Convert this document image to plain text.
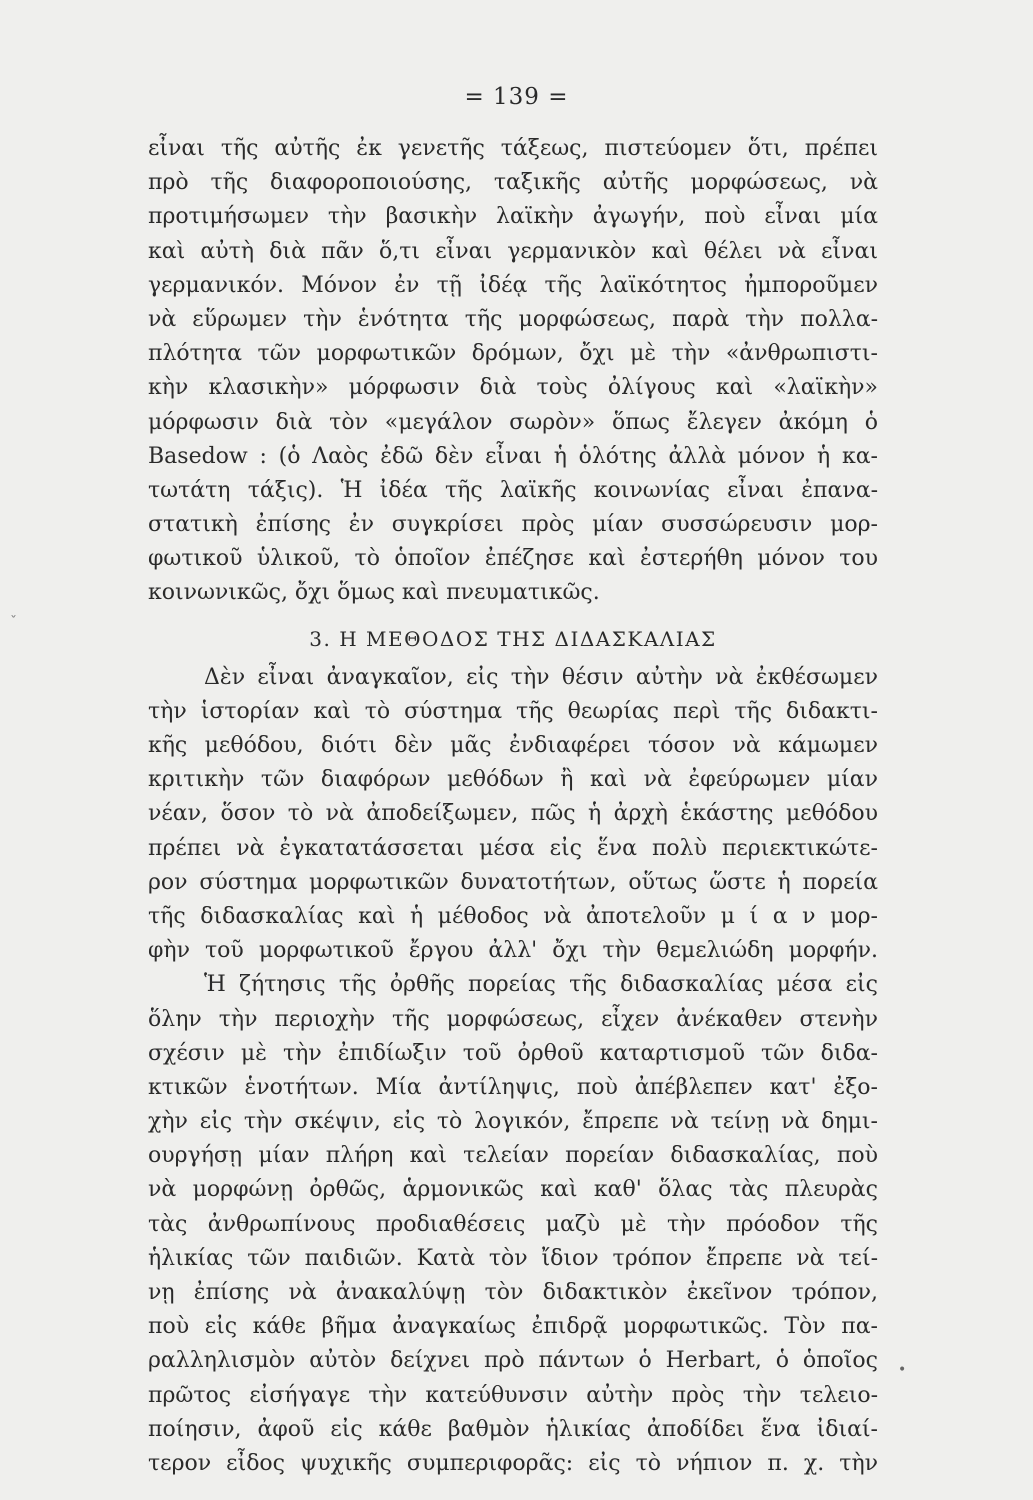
= 139 =
ˇ
εἶναι τῆς αὐτῆς ἐκ γενετῆς τάξεως, πιστεύομεν ὅτι, πρέπει
πρὸ τῆς διαφοροποιούσης, ταξικῆς αὐτῆς μορφώσεως, νὰ
προτιμήσωμεν τὴν βασικὴν λαϊκὴν ἀγωγήν, ποὺ εἶναι μία
καὶ αὐτὴ διὰ πᾶν ὅ,τι εἶναι γερμανικὸν καὶ θέλει νὰ εἶναι
γερμανικόν. Μόνον ἐν τῇ ἰδέᾳ τῆς λαϊκότητος ἠμποροῦμεν
νὰ εὕρωμεν τὴν ἑνότητα τῆς μορφώσεως, παρὰ τὴν πολλα-
πλότητα τῶν μορφωτικῶν δρόμων, ὄχι μὲ τὴν «ἀνθρωπιστι-
κὴν κλασικὴν» μόρφωσιν διὰ τοὺς ὀλίγους καὶ «λαϊκὴν»
μόρφωσιν διὰ τὸν «μεγάλον σωρὸν» ὅπως ἔλεγεν ἀκόμη ὁ
Basedow : (ὁ Λαὸς ἐδῶ δὲν εἶναι ἡ ὁλότης ἀλλὰ μόνον ἡ κα-
τωτάτη τάξις). Ἡ ἰδέα τῆς λαϊκῆς κοινωνίας εἶναι ἐπανα-
στατικὴ ἐπίσης ἐν συγκρίσει πρὸς μίαν συσσώρευσιν μορ-
φωτικοῦ ὑλικοῦ, τὸ ὁποῖον ἐπέζησε καὶ ἐστερήθη μόνον του
κοινωνικῶς, ὄχι ὅμως καὶ πνευματικῶς.
3. Η ΜΕΘΟΔΟΣ ΤΗΣ ΔΙΔΑΣΚΑΛΙΑΣ
Δὲν εἶναι ἀναγκαῖον, εἰς τὴν θέσιν αὐτὴν νὰ ἐκθέσωμεν
τὴν ἱστορίαν καὶ τὸ σύστημα τῆς θεωρίας περὶ τῆς διδακτι-
κῆς μεθόδου, διότι δὲν μᾶς ἐνδιαφέρει τόσον νὰ κάμωμεν
κριτικὴν τῶν διαφόρων μεθόδων ἢ καὶ νὰ ἐφεύρωμεν μίαν
νέαν, ὅσον τὸ νὰ ἀποδείξωμεν, πῶς ἡ ἀρχὴ ἑκάστης μεθόδου
πρέπει νὰ ἐγκατατάσσεται μέσα εἰς ἕνα πολὺ περιεκτικώτε-
ρον σύστημα μορφωτικῶν δυνατοτήτων, οὕτως ὥστε ἡ πορεία
τῆς διδασκαλίας καὶ ἡ μέθοδος νὰ ἀποτελοῦν μ ί α ν μορ-
φὴν τοῦ μορφωτικοῦ ἔργου ἀλλ' ὄχι τὴν θεμελιώδη μορφήν.
Ἡ ζήτησις τῆς ὀρθῆς πορείας τῆς διδασκαλίας μέσα εἰς
ὅλην τὴν περιοχὴν τῆς μορφώσεως, εἶχεν ἀνέκαθεν στενὴν
σχέσιν μὲ τὴν ἐπιδίωξιν τοῦ ὀρθοῦ καταρτισμοῦ τῶν διδα-
κτικῶν ἑνοτήτων. Μία ἀντίληψις, ποὺ ἀπέβλεπεν κατ' ἐξο-
χὴν εἰς τὴν σκέψιν, εἰς τὸ λογικόν, ἔπρεπε νὰ τείνῃ νὰ δημι-
ουργήσῃ μίαν πλήρη καὶ τελείαν πορείαν διδασκαλίας, ποὺ
νὰ μορφώνῃ ὀρθῶς, ἁρμονικῶς καὶ καθ' ὅλας τὰς πλευρὰς
τὰς ἀνθρωπίνους προδιαθέσεις μαζὺ μὲ τὴν πρόοδον τῆς
ἡλικίας τῶν παιδιῶν. Κατὰ τὸν ἴδιον τρόπον ἔπρεπε νὰ τεί-
νῃ ἐπίσης νὰ ἀνακαλύψῃ τὸν διδακτικὸν ἐκεῖνον τρόπον,
ποὺ εἰς κάθε βῆμα ἀναγκαίως ἐπιδρᾷ μορφωτικῶς. Τὸν πα-
ραλληλισμὸν αὐτὸν δείχνει πρὸ πάντων ὁ Herbart, ὁ ὁποῖος
πρῶτος εἰσήγαγε τὴν κατεύθυνσιν αὐτὴν πρὸς τὴν τελειο-
ποίησιν, ἀφοῦ εἰς κάθε βαθμὸν ἡλικίας ἀποδίδει ἕνα ἰδιαί-
τερον εἶδος ψυχικῆς συμπεριφορᾶς: εἰς τὸ νήπιον π. χ. τὴν
•
